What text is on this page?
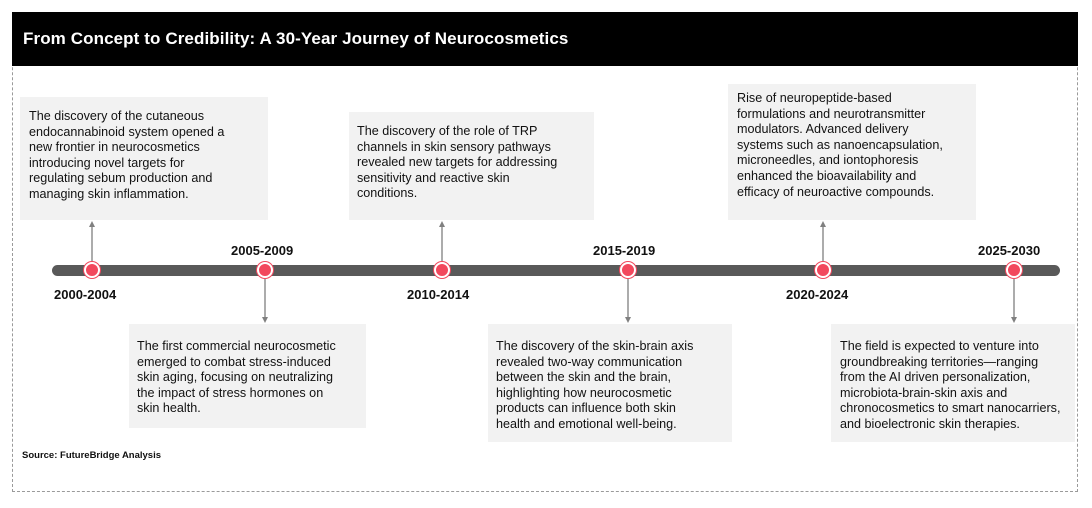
From Concept to Credibility: A 30-Year Journey of Neurocosmetics
The discovery of the cutaneous
endocannabinoid system opened a
new frontier in neurocosmetics
introducing novel targets for
regulating sebum production and
managing skin inflammation.
The discovery of the role of TRP
channels in skin sensory pathways
revealed new targets for addressing
sensitivity and reactive skin
conditions.
Rise of neuropeptide-based
formulations and neurotransmitter
modulators. Advanced delivery
systems such as nanoencapsulation,
microneedles, and iontophoresis
enhanced the bioavailability and
efficacy of neuroactive compounds.
The first commercial neurocosmetic
emerged to combat stress-induced
skin aging, focusing on neutralizing
the impact of stress hormones on
skin health.
The discovery of the skin-brain axis
revealed two-way communication
between the skin and the brain,
highlighting how neurocosmetic
products can influence both skin
health and emotional well-being.
The field is expected to venture into
groundbreaking territories—ranging
from the AI driven personalization,
microbiota-brain-skin axis and
chronocosmetics to smart nanocarriers,
and bioelectronic skin therapies.
2000-2004
2005-2009
2010-2014
2015-2019
2020-2024
2025-2030
Source: FutureBridge Analysis
